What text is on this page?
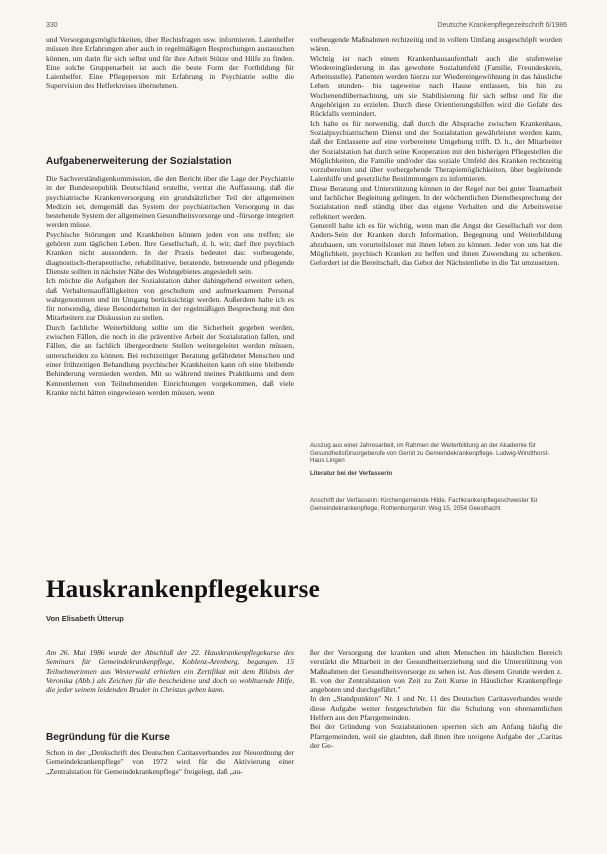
330	Deutsche Krankenpflegezeitschrift 6/1986
und Versorgungsmöglichkeiten, über Rechtsfragen usw. informieren. Laienhelfer müssen ihre Erfahrungen aber auch in regelmäßigen Besprechungen austauschen können, um darin für sich selbst und für ihre Arbeit Stütze und Hilfe zu finden. Eine solche Gruppenarbeit ist auch die beste Form der Fortbildung für Laienhelfer. Eine Pflegeperson mit Erfahrung in Psychiatrie sollte die Supervision des Helferkreises übernehmen.
Aufgabenerweiterung der Sozialstation
Die Sachverständigenkommission, die den Bericht über die Lage der Psychiatrie in der Bundesrepublik Deutschland erstellte, vertrat die Auffassung, daß die psychiatrische Krankenversorgung ein grundsätzlicher Teil der allgemeinen Medizin sei, demgemäß das System der psychiatrischen Versorgung in das bestehende System der allgemeinen Gesundheitsvorsorge und -fürsorge integriert werden müsse.
Psychische Störungen und Krankheiten können jeden von uns treffen; sie gehören zum täglichen Leben. Ihre Gesellschaft, d. h. wir, darf ihre psychisch Kranken nicht aussondern. In der Praxis bedeutet das: vorbeugende, diagnostisch-therapeutische, rehabilitative, beratende, betreuende und pflegende Dienste sollten in nächster Nähe des Wohngebietes angesiedelt sein.
Ich möchte die Aufgaben der Sozialstation daher dahingehend erweitert sehen, daß Verhaltensauffälligkeiten von geschultem und aufmerksamem Personal wahrgenommen und im Umgang berücksichtigt werden. Außerdem halte ich es für notwendig, diese Besonderheiten in der regelmäßigen Besprechung mit den Mitarbeitern zur Diskussion zu stellen.
Durch fachliche Weiterbildung sollte um die Sicherheit gegeben werden, zwischen Fällen, die noch in die präventive Arbeit der Sozialstation fallen, und Fällen, die an fachlich übergeordnete Stellen weitergeleitet werden müssen, unterscheiden zu können. Bei rechtzeitiger Beratung gefährdeter Menschen und einer frühzeitigen Behandlung psychischer Krankheiten kann oft eine bleibende Behinderung vermieden werden. Mit so während meines Praktikums und dem Kennenlernen von Teilnehmenden Einrichtungen vorgekommen, daß viele Kranke nicht hätten eingewiesen werden müssen, wenn
vorbeugende Maßnahmen rechtzeitig und in vollem Umfang ausgeschöpft worden wären.
Wichtig ist nach einem Krankenhausaufenthalt auch die stufenweise Wiedereingliederung in das gewohnte Sozialumfeld (Familie, Freundeskreis, Arbeitsstelle). Patienten werden hierzu zur Wiedereingewöhnung in das häusliche Leben stunden- bis tageweise nach Hause entlassen, bis hin zu Wochenendübernachtung, um sie Stabilisierung für sich selbst und für die Angehörigen zu erzielen. Durch diese Orientierungshilfen wird die Gefahr des Rückfalls vermindert.
Ich halte es für notwendig, daß durch die Absprache zwischen Krankenhaus, Sozialpsychiatrischem Dienst und der Sozialstation gewährleistet werden kann, daß der Entlassene auf eine vorbereitete Umgebung trifft. D. h., der Mitarbeiter der Sozialstation hat durch seine Kooperation mit den bisherigen Pflegestellen die Möglichkeiten, die Familie und/oder das soziale Umfeld des Kranken rechtzeitig vorzubereiten und über vorhergehende Therapiemöglichkeiten, über begleitende Laienhilfe und gesetzliche Bestimmungen zu informieren.
Diese Beratung und Unterstützung können in der Regel nur bei guter Teamarbeit und fachlicher Begleitung gelingen. In der wöchentlichen Dienstbesprechung der Sozialstation muß ständig über das eigene Verhalten und die Arbeitsweise reflektiert werden.
Generell halte ich es für wichtig, wenn man die Angst der Gesellschaft vor dem Anders-Sein der Kranken durch Information, Begegnung und Weiterbildung abzubauen, um vorurteilsloser mit ihnen leben zu können. Jeder von uns hat die Möglichkeit, psychisch Kranken zu helfen und ihnen Zuwendung zu schenken. Gefordert ist die Bereitschaft, das Gebot der Nächstenliebe in die Tat umzusetzen.
Auszug aus einer Jahresarbeit, im Rahmen der Weiterbildung an der Akademie für Gesundheitsfürsorgeberufe von Gernit zu Gemeindekrankenpflege. Ludwig-Windthorst-Haus Lingen
Literatur bei der Verfasserin
Anschrift der Verfasserin: Kirchengemeinde Hilde, Fachkrankenpflegeschwester für Gemeindekrankenpflege, Rothenburgerstr. Weg 15, 2054 Geesthacht
Hauskrankenpflegekurse
Von Elisabeth Ütterup
Am 26. Mai 1986 wurde der Abschluß der 22. Hauskrankenpflegekurse des Seminars für Gemeindekrankenpflege, Koblenz-Arenberg, begangen. 15 Teilnehmerinnen aus Westerwald erhielten ein Zertifikat mit dem Bildnis der Veronika (Abb.) als Zeichen für die bescheidene und doch so wohltuende Hilfe, die jeder seinem leidenden Bruder in Christus geben kann.
Begründung für die Kurse
Schon in der „Denkschrift des Deutschen Caritasverbandes zur Neuordnung der Gemeindekrankenpflege" von 1972 wird für die Aktivierung einer „Zentralstation für Gemeindekrankenpflege" freigelegt, daß „au-
ßer der Versorgung der kranken und alten Menschen im häuslichen Bereich verstärkt die Mitarbeit in der Gesundheitserziehung und die Unterstützung von Maßnahmen der Gesundheitsvorsorge zu sehen ist. Aus diesem Grunde werden z. B. von der Zentralstation von Zeit zu Zeit Kurse in Häuslicher Krankenpflege angeboten und durchgeführt."
In den „Standpunkten" Nr. 1 und Nr. 11 des Deutschen Caritasverbandes wurde diese Aufgabe weiter festgeschrieben für die Schulung von ehrenamtlichen Helfern aus den Pfarrgemeinden.
Bei der Gründung von Sozialstationen sperrten sich am Anfang häufig die Pfarrgemeinden, weil sie glaubten, daß ihnen ihre ureigene Aufgabe der „Caritas der Ge-
